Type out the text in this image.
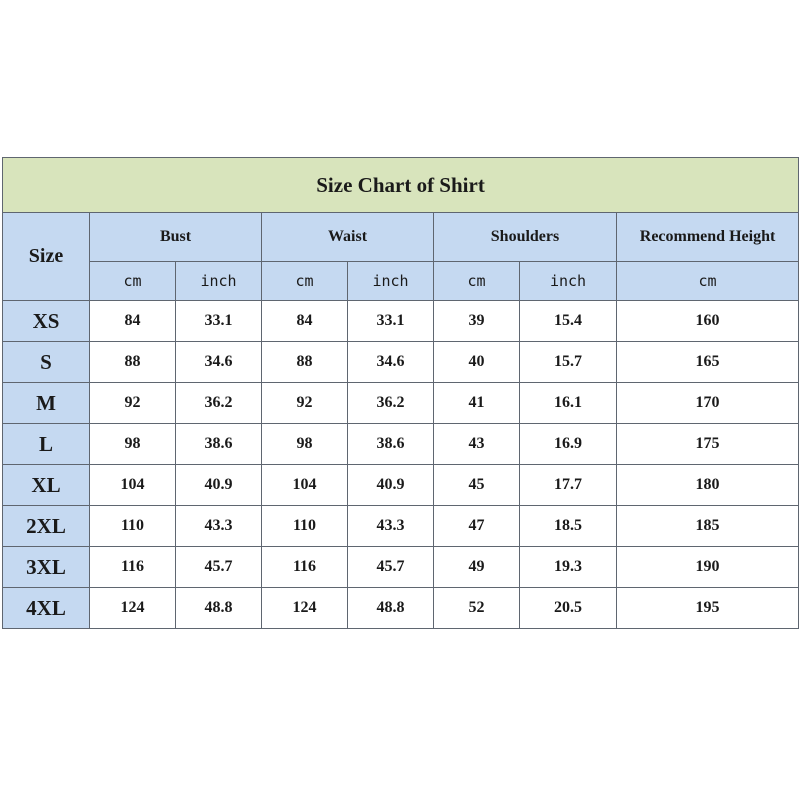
Size Chart of Shirt							
Size	Bust		Waist		Shoulders		Recommend Height
	cm	inch	cm	inch	cm	inch	cm
XS	84	33.1	84	33.1	39	15.4	160
S	88	34.6	88	34.6	40	15.7	165
M	92	36.2	92	36.2	41	16.1	170
L	98	38.6	98	38.6	43	16.9	175
XL	104	40.9	104	40.9	45	17.7	180
2XL	110	43.3	110	43.3	47	18.5	185
3XL	116	45.7	116	45.7	49	19.3	190
4XL	124	48.8	124	48.8	52	20.5	195
